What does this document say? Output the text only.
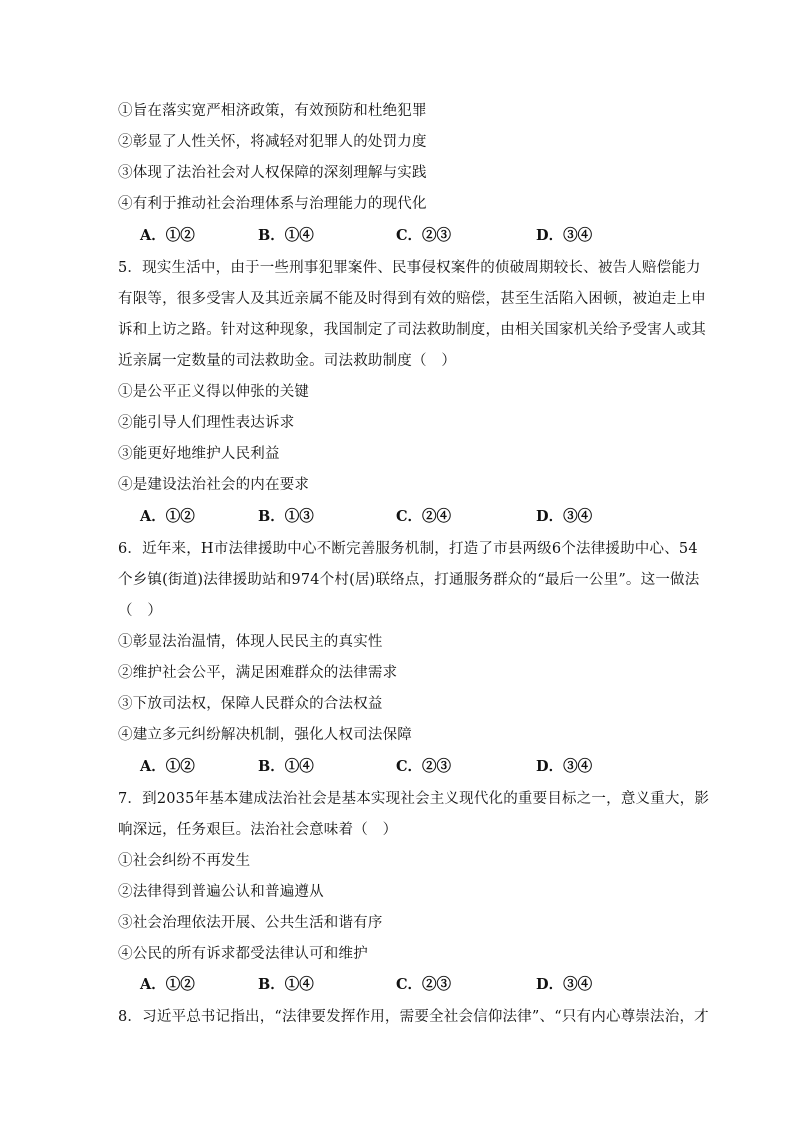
①旨在落实宽严相济政策，有效预防和杜绝犯罪
②彰显了人性关怀，将减轻对犯罪人的处罚力度
③体现了法治社会对人权保障的深刻理解与实践
④有利于推动社会治理体系与治理能力的现代化
A．①②	B．①④	C．②③	D．③④
5．现实生活中，由于一些刑事犯罪案件、民事侵权案件的侦破周期较长、被告人赔偿能力
有限等，很多受害人及其近亲属不能及时得到有效的赔偿，甚至生活陷入困顿，被迫走上申
诉和上访之路。针对这种现象，我国制定了司法救助制度，由相关国家机关给予受害人或其
近亲属一定数量的司法救助金。司法救助制度（　）
①是公平正义得以伸张的关键
②能引导人们理性表达诉求
③能更好地维护人民利益
④是建设法治社会的内在要求
A．①②	B．①③	C．②④	D．③④
6．近年来，H市法律援助中心不断完善服务机制，打造了市县两级6个法律援助中心、54
个乡镇(街道)法律援助站和974个村(居)联络点，打通服务群众的“最后一公里”。这一做法
（　）
①彰显法治温情，体现人民民主的真实性
②维护社会公平，满足困难群众的法律需求
③下放司法权，保障人民群众的合法权益
④建立多元纠纷解决机制，强化人权司法保障
A．①②	B．①④	C．②③	D．③④
7．到2035年基本建成法治社会是基本实现社会主义现代化的重要目标之一，意义重大，影
响深远，任务艰巨。法治社会意味着（　）
①社会纠纷不再发生
②法律得到普遍公认和普遍遵从
③社会治理依法开展、公共生活和谐有序
④公民的所有诉求都受法律认可和维护
A．①②	B．①④	C．②③	D．③④
8．习近平总书记指出，“法律要发挥作用，需要全社会信仰法律”、“只有内心尊崇法治，才
